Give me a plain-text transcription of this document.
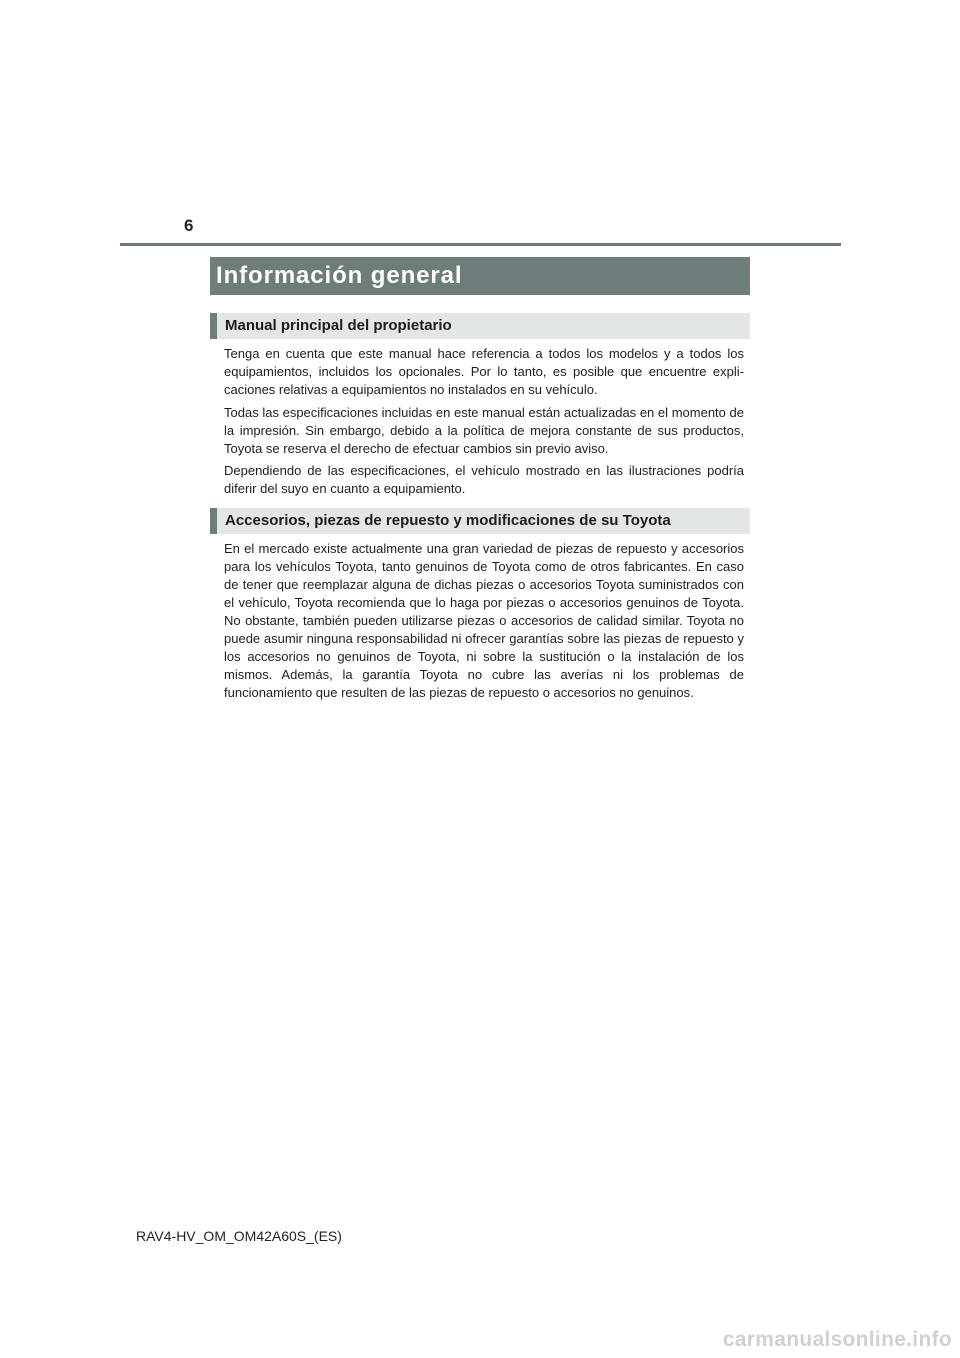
6
Información general
Manual principal del propietario

Tenga en cuenta que este manual hace referencia a todos los modelos y a todos los equipamientos, incluidos los opcionales. Por lo tanto, es posible que encuentre explicaciones relativas a equipamientos no instalados en su vehículo.

Todas las especificaciones incluidas en este manual están actualizadas en el momento de la impresión. Sin embargo, debido a la política de mejora constante de sus productos, Toyota se reserva el derecho de efectuar cambios sin previo aviso.

Dependiendo de las especificaciones, el vehículo mostrado en las ilustraciones podría diferir del suyo en cuanto a equipamiento.

Accesorios, piezas de repuesto y modificaciones de su Toyota

En el mercado existe actualmente una gran variedad de piezas de repuesto y accesorios para los vehículos Toyota, tanto genuinos de Toyota como de otros fabricantes. En caso de tener que reemplazar alguna de dichas piezas o accesorios Toyota suministrados con el vehículo, Toyota recomienda que lo haga por piezas o accesorios genuinos de Toyota. No obstante, también pueden utilizarse piezas o accesorios de calidad similar. Toyota no puede asumir ninguna responsabilidad ni ofrecer garantías sobre las piezas de repuesto y los accesorios no genuinos de Toyota, ni sobre la sustitución o la instalación de los mismos. Además, la garantía Toyota no cubre las averías ni los problemas de funcionamiento que resulten de las piezas de repuesto o accesorios no genuinos.

RAV4-HV_OM_OM42A60S_(ES)
carmanualsonline.info
